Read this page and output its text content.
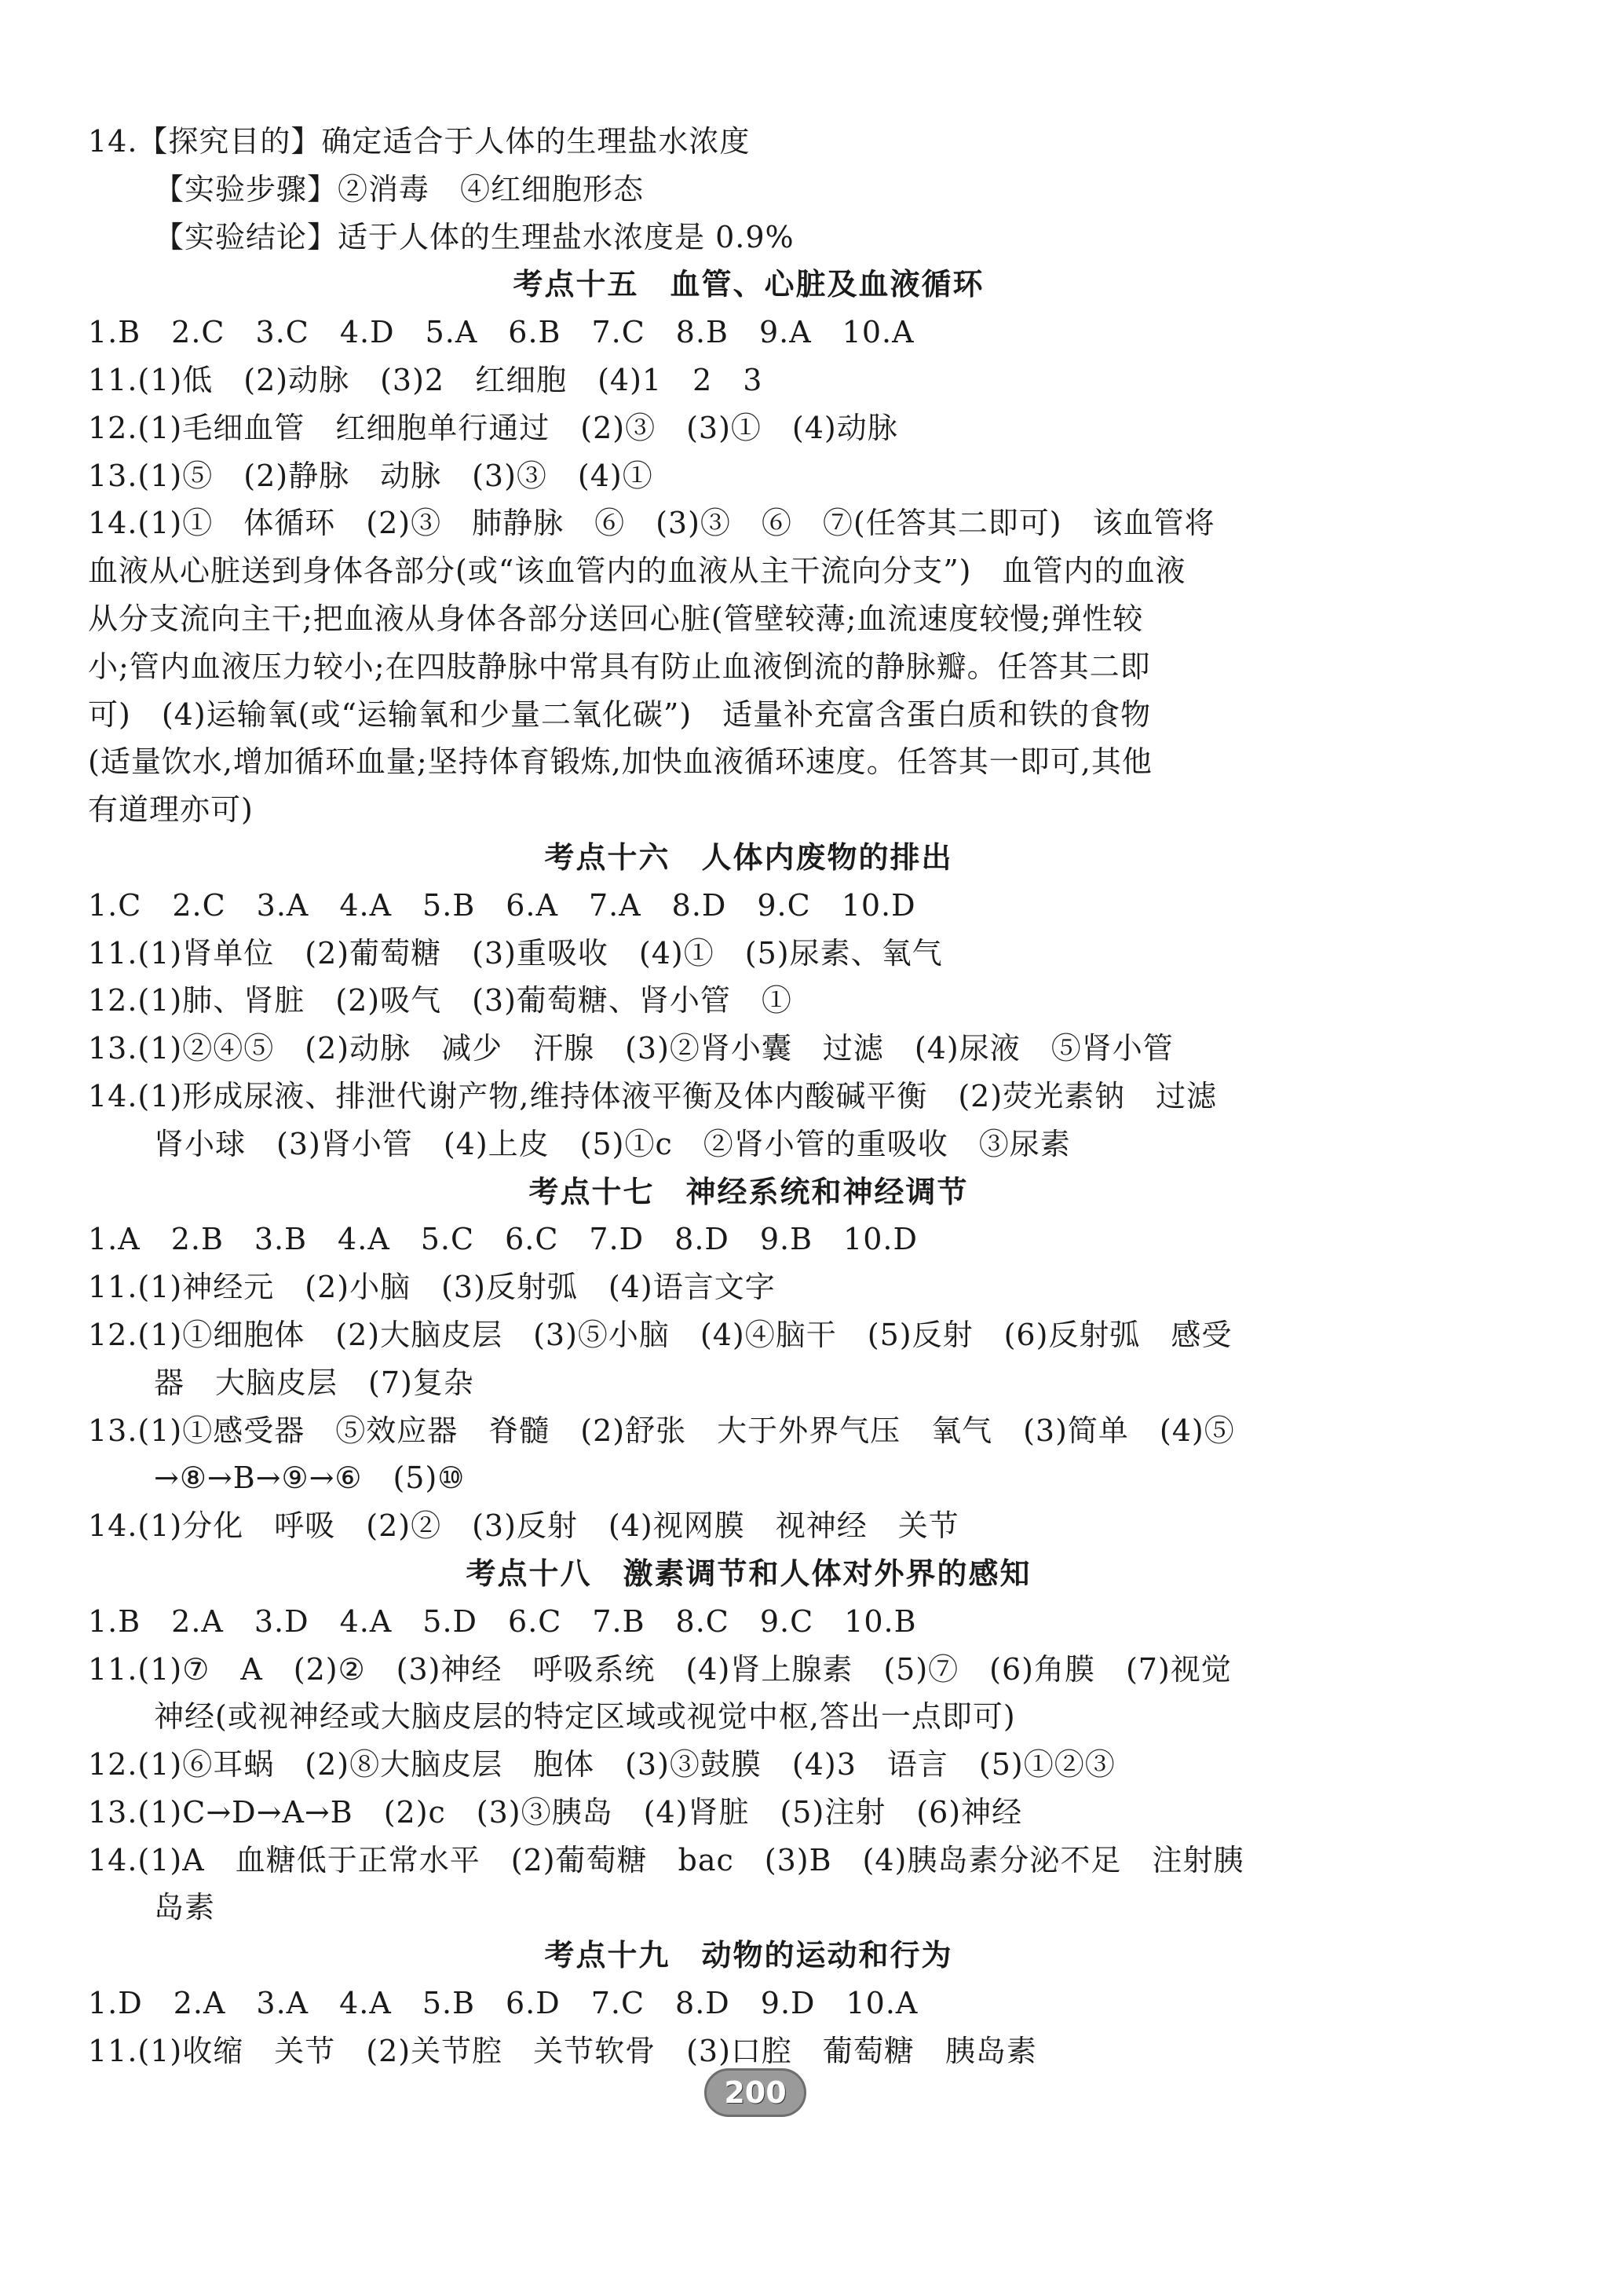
14.【探究目的】确定适合于人体的生理盐水浓度
【实验步骤】②消毒　④红细胞形态
【实验结论】适于人体的生理盐水浓度是 0.9%
考点十五　血管、心脏及血液循环
1.B　2.C　3.C　4.D　5.A　6.B　7.C　8.B　9.A　10.A
11.(1)低　(2)动脉　(3)2　红细胞　(4)1　2　3
12.(1)毛细血管　红细胞单行通过　(2)③　(3)①　(4)动脉
13.(1)⑤　(2)静脉　动脉　(3)③　(4)①
14.(1)①　体循环　(2)③　肺静脉　⑥　(3)③　⑥　⑦(任答其二即可)　该血管将
血液从心脏送到身体各部分(或“该血管内的血液从主干流向分支”)　血管内的血液
从分支流向主干;把血液从身体各部分送回心脏(管壁较薄;血流速度较慢;弹性较
小;管内血液压力较小;在四肢静脉中常具有防止血液倒流的静脉瓣。任答其二即
可)　(4)运输氧(或“运输氧和少量二氧化碳”)　适量补充富含蛋白质和铁的食物
(适量饮水,增加循环血量;坚持体育锻炼,加快血液循环速度。任答其一即可,其他
有道理亦可)
考点十六　人体内废物的排出
1.C　2.C　3.A　4.A　5.B　6.A　7.A　8.D　9.C　10.D
11.(1)肾单位　(2)葡萄糖　(3)重吸收　(4)①　(5)尿素、氧气
12.(1)肺、肾脏　(2)吸气　(3)葡萄糖、肾小管　①
13.(1)②④⑤　(2)动脉　减少　汗腺　(3)②肾小囊　过滤　(4)尿液　⑤肾小管
14.(1)形成尿液、排泄代谢产物,维持体液平衡及体内酸碱平衡　(2)荧光素钠　过滤
肾小球　(3)肾小管　(4)上皮　(5)①c　②肾小管的重吸收　③尿素
考点十七　神经系统和神经调节
1.A　2.B　3.B　4.A　5.C　6.C　7.D　8.D　9.B　10.D
11.(1)神经元　(2)小脑　(3)反射弧　(4)语言文字
12.(1)①细胞体　(2)大脑皮层　(3)⑤小脑　(4)④脑干　(5)反射　(6)反射弧　感受
器　大脑皮层　(7)复杂
13.(1)①感受器　⑤效应器　脊髓　(2)舒张　大于外界气压　氧气　(3)简单　(4)⑤
→⑧→B→⑨→⑥　(5)⑩
14.(1)分化　呼吸　(2)②　(3)反射　(4)视网膜　视神经　关节
考点十八　激素调节和人体对外界的感知
1.B　2.A　3.D　4.A　5.D　6.C　7.B　8.C　9.C　10.B
11.(1)⑦　A　(2)②　(3)神经　呼吸系统　(4)肾上腺素　(5)⑦　(6)角膜　(7)视觉
神经(或视神经或大脑皮层的特定区域或视觉中枢,答出一点即可)
12.(1)⑥耳蜗　(2)⑧大脑皮层　胞体　(3)③鼓膜　(4)3　语言　(5)①②③
13.(1)C→D→A→B　(2)c　(3)③胰岛　(4)肾脏　(5)注射　(6)神经
14.(1)A　血糖低于正常水平　(2)葡萄糖　bac　(3)B　(4)胰岛素分泌不足　注射胰
岛素
考点十九　动物的运动和行为
1.D　2.A　3.A　4.A　5.B　6.D　7.C　8.D　9.D　10.A
11.(1)收缩　关节　(2)关节腔　关节软骨　(3)口腔　葡萄糖　胰岛素
200
